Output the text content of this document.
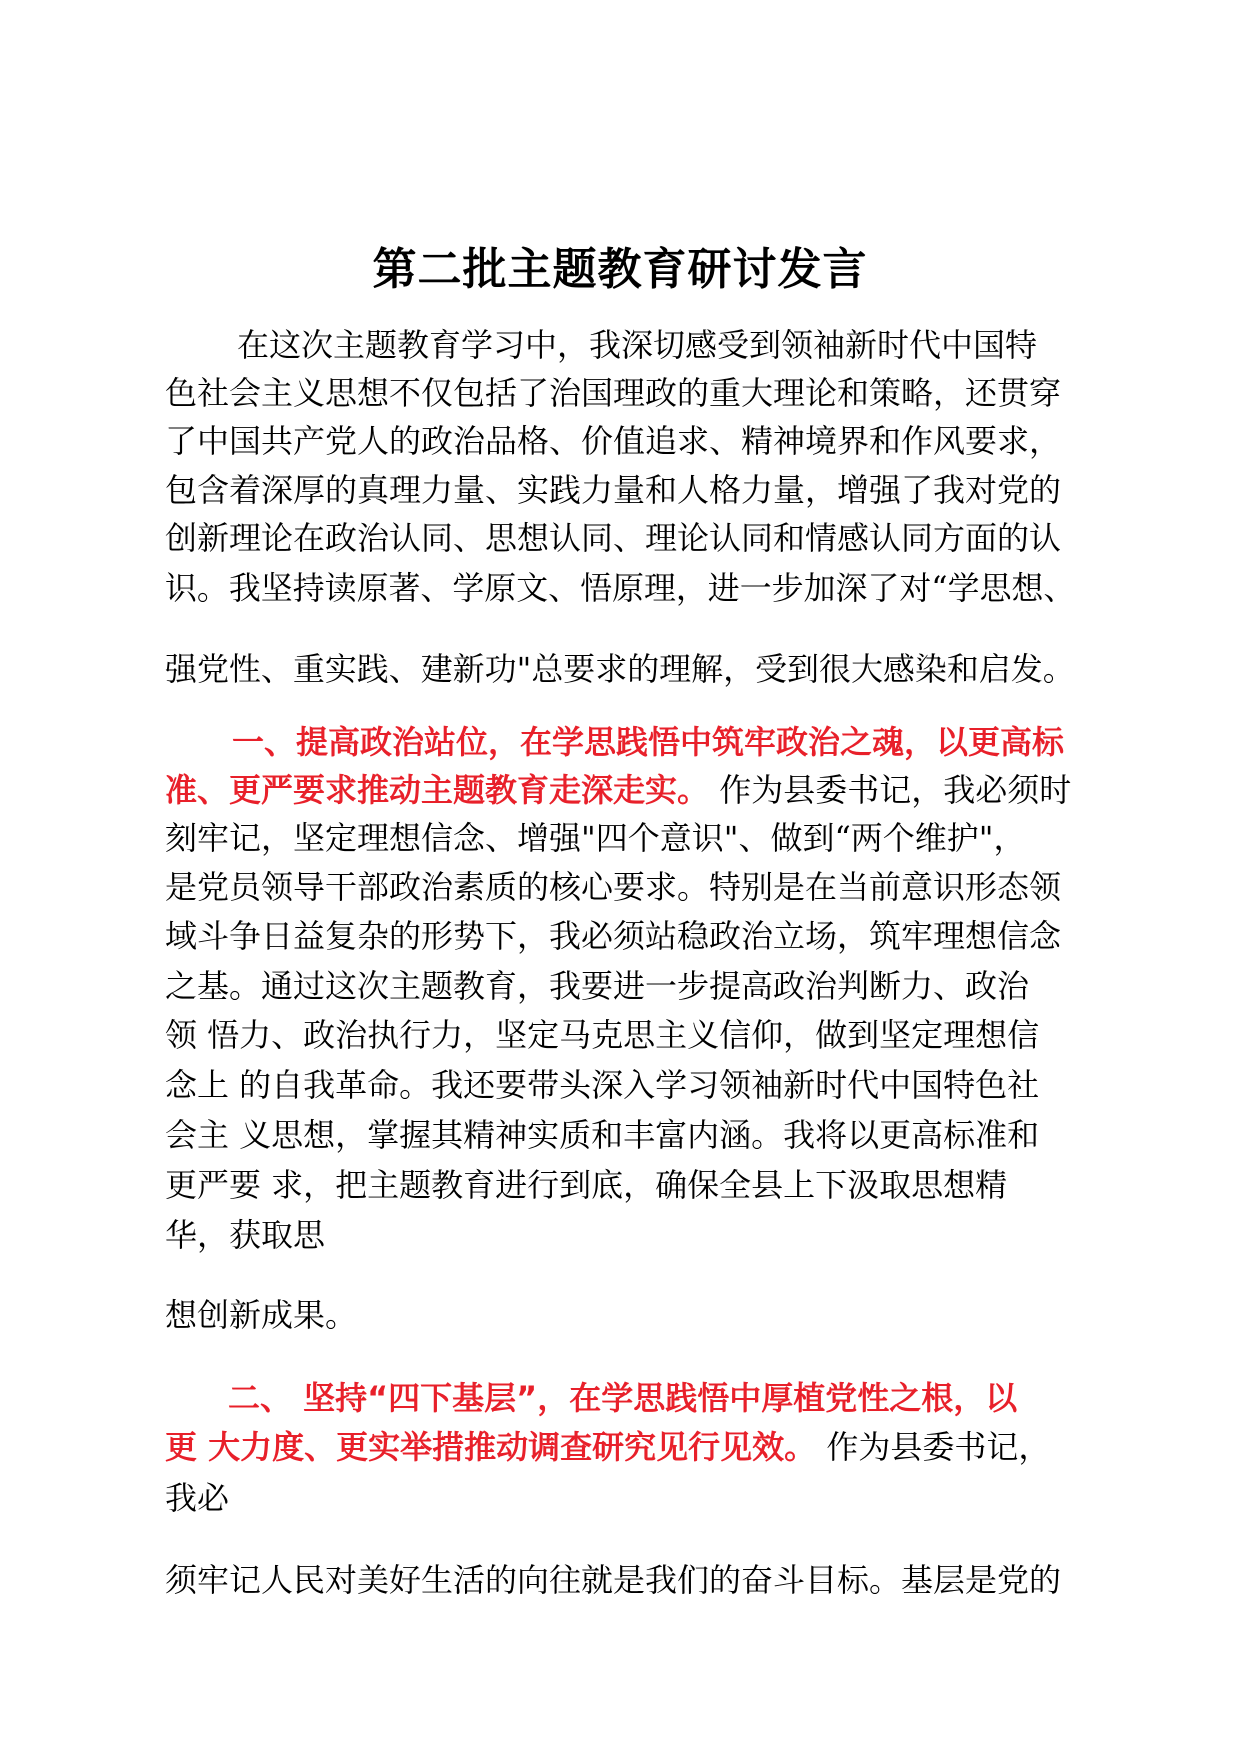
第二批主题教育研讨发言
在这次主题教育学习中，我深切感受到领袖新时代中国特
色社会主义思想不仅包括了治国理政的重大理论和策略，还贯穿
了中国共产党人的政治品格、价值追求、精神境界和作风要求，
包含着深厚的真理力量、实践力量和人格力量，增强了我对党的
创新理论在政治认同、思想认同、理论认同和情感认同方面的认
识。我坚持读原著、学原文、悟原理，进一步加深了对“学思想、
强党性、重实践、建新功"总要求的理解，受到很大感染和启发。
一、提高政治站位，在学思践悟中筑牢政治之魂，以更高标
准、更严要求推动主题教育走深走实。 作为县委书记，我必须时
刻牢记，坚定理想信念、增强"四个意识"、做到“两个维护"，
是党员领导干部政治素质的核心要求。特别是在当前意识形态领
域斗争日益复杂的形势下，我必须站稳政治立场，筑牢理想信念
之基。通过这次主题教育，我要进一步提高政治判断力、政治
领 悟力、政治执行力，坚定马克思主义信仰，做到坚定理想信
念上 的自我革命。我还要带头深入学习领袖新时代中国特色社
会主 义思想，掌握其精神实质和丰富内涵。我将以更高标准和
更严要 求，把主题教育进行到底，确保全县上下汲取思想精
华，获取思
想创新成果。
二、 坚持“四下基层”，在学思践悟中厚植党性之根，以
更 大力度、更实举措推动调查研究见行见效。 作为县委书记，
我必
须牢记人民对美好生活的向往就是我们的奋斗目标。基层是党的
